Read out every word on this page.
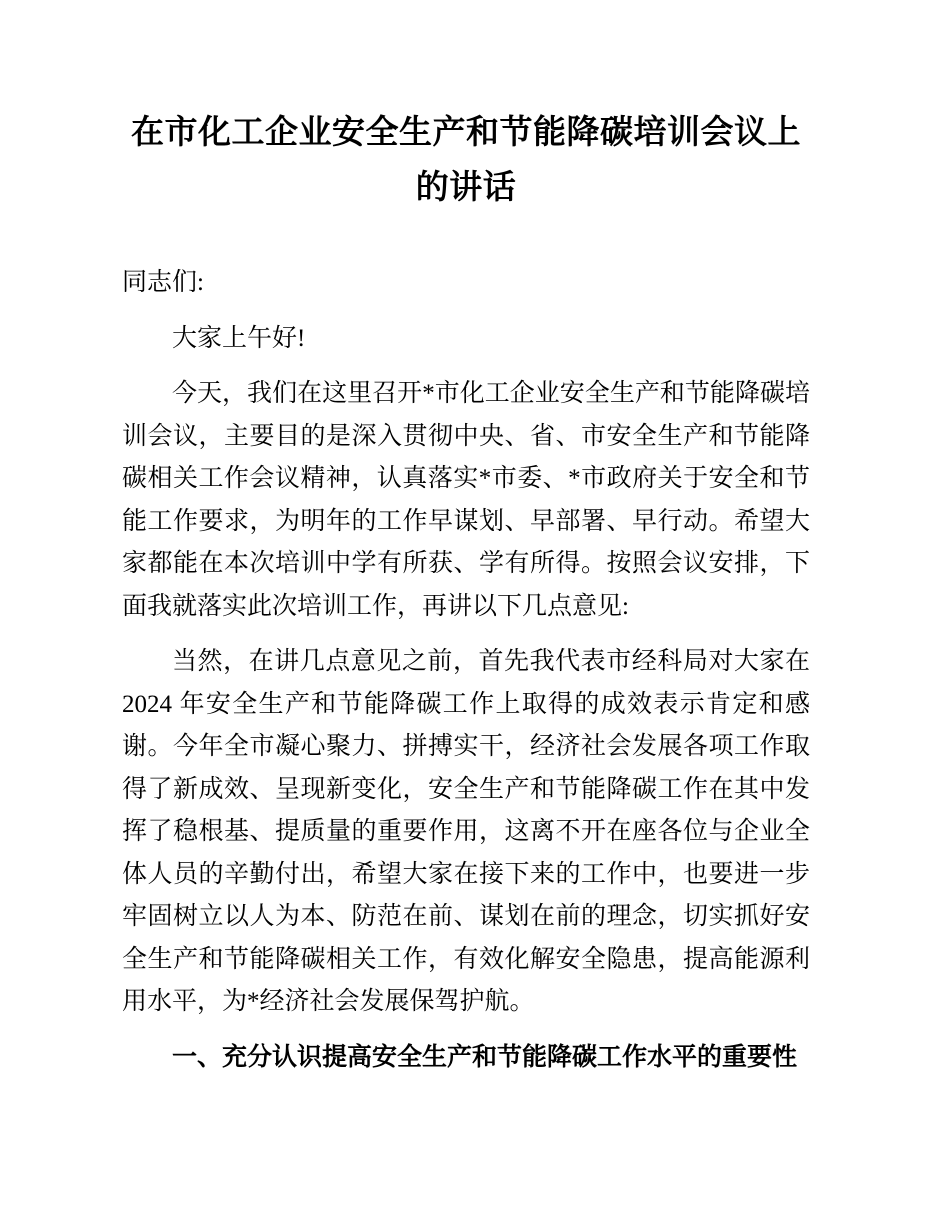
在市化工企业安全生产和节能降碳培训会议上的讲话

同志们:

大家上午好!

今天，我们在这里召开*市化工企业安全生产和节能降碳培训会议，主要目的是深入贯彻中央、省、市安全生产和节能降碳相关工作会议精神，认真落实*市委、*市政府关于安全和节能工作要求，为明年的工作早谋划、早部署、早行动。希望大家都能在本次培训中学有所获、学有所得。按照会议安排，下面我就落实此次培训工作，再讲以下几点意见:

当然，在讲几点意见之前，首先我代表市经科局对大家在2024 年安全生产和节能降碳工作上取得的成效表示肯定和感谢。今年全市凝心聚力、拼搏实干，经济社会发展各项工作取得了新成效、呈现新变化，安全生产和节能降碳工作在其中发挥了稳根基、提质量的重要作用，这离不开在座各位与企业全体人员的辛勤付出，希望大家在接下来的工作中，也要进一步牢固树立以人为本、防范在前、谋划在前的理念，切实抓好安全生产和节能降碳相关工作，有效化解安全隐患，提高能源利用水平，为*经济社会发展保驾护航。

一、充分认识提高安全生产和节能降碳工作水平的重要性
